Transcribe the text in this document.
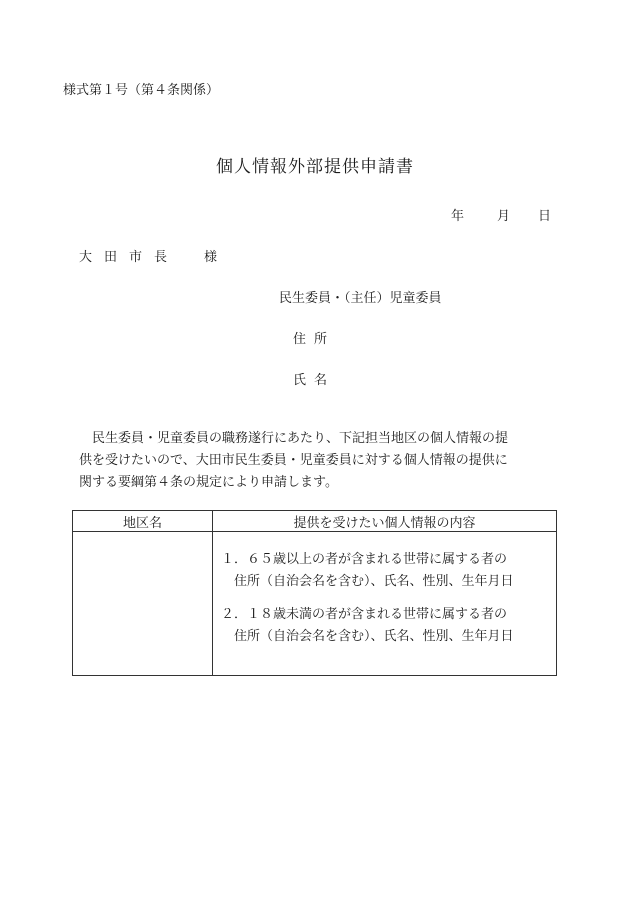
様式第１号（第４条関係）
個人情報外部提供申請書
年	月 日
大田市長　様
民生委員・（主任）児童委員
住所
氏名
　民生委員・児童委員の職務遂行にあたり、下記担当地区の個人情報の提
供を受けたいので、大田市民生委員・児童委員に対する個人情報の提供に
関する要綱第４条の規定により申請します。
地区名	提供を受けたい個人情報の内容

	１．６５歳以上の者が含まれる世帯に属する者の
住所（自治会名を含む）、氏名、性別、生年月日
２．１８歳未満の者が含まれる世帯に属する者の
住所（自治会名を含む）、氏名、性別、生年月日
